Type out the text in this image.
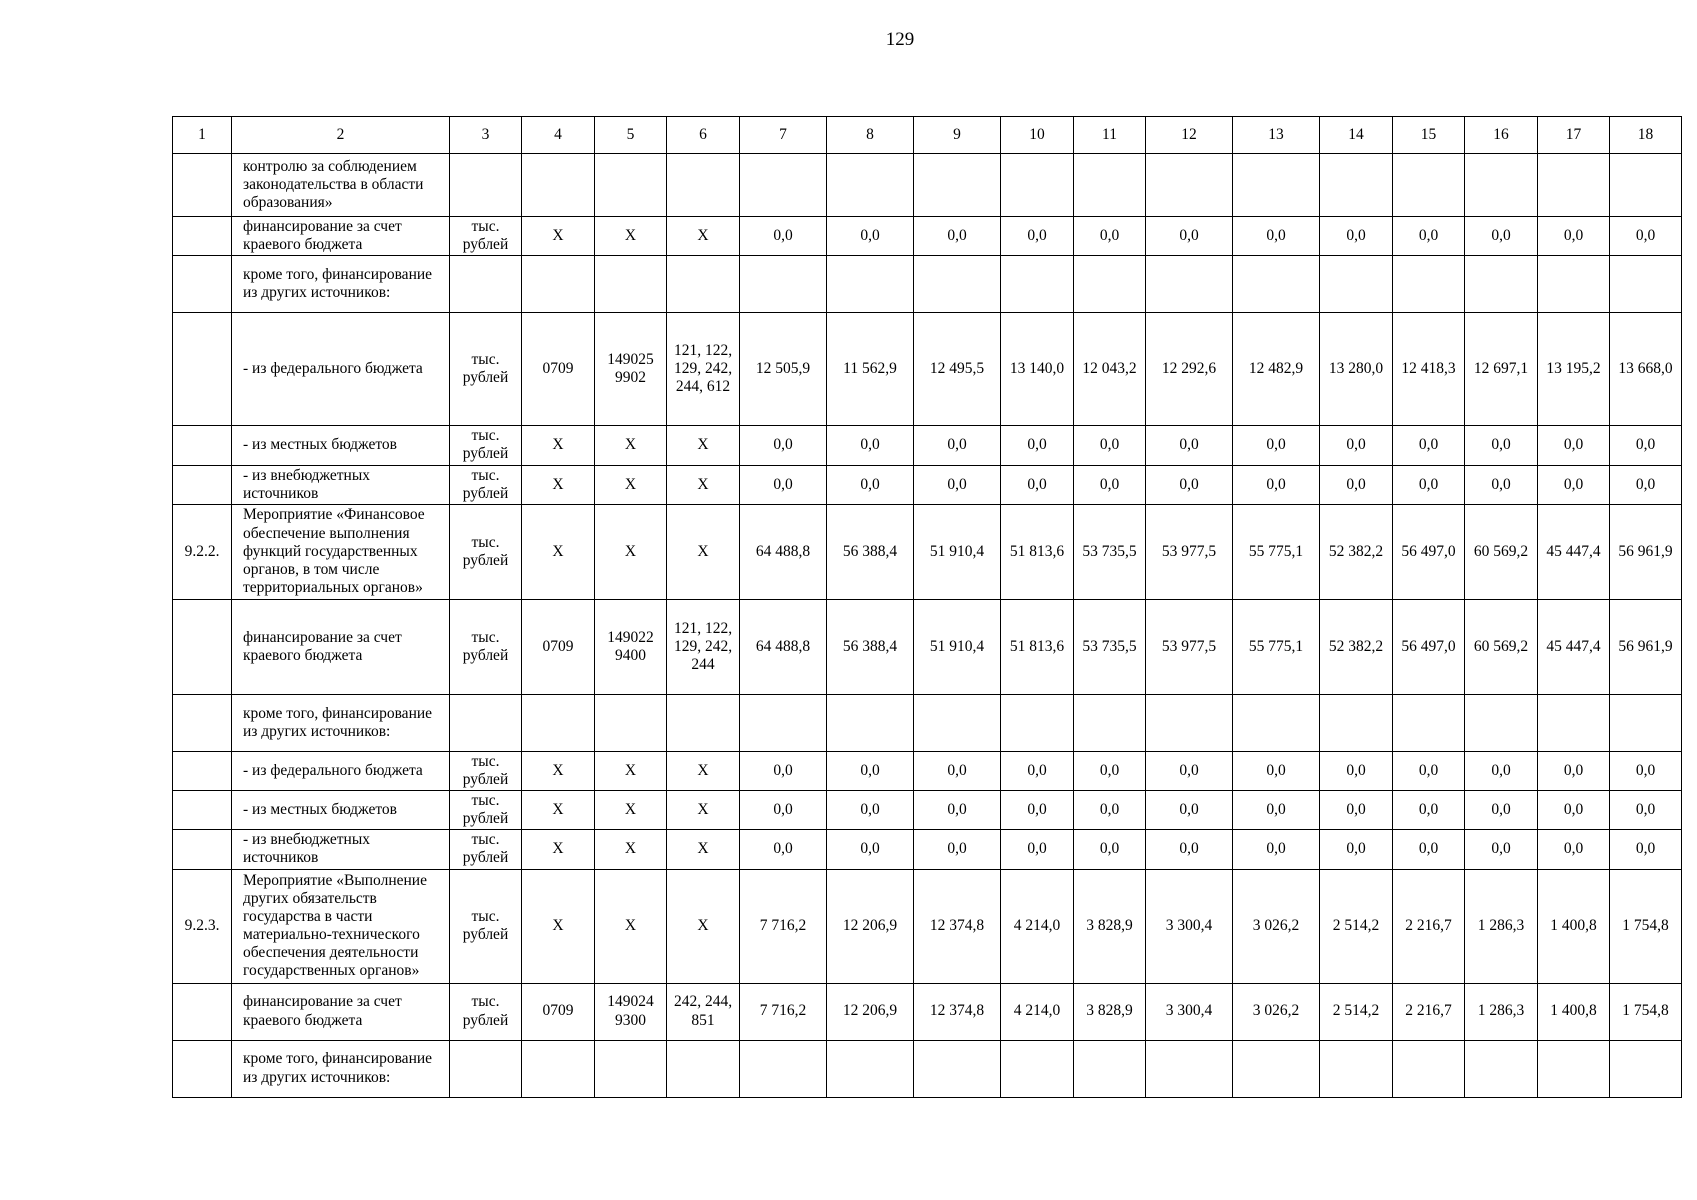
129
1	2	3	4	5	6	7	8	9	10	11	12	13	14	15	16	17	18
	контролю за соблюдением законодательства в области образования»																
	финансирование за счет краевого бюджета	тыс. рублей	Х	Х	Х	0,0	0,0	0,0	0,0	0,0	0,0	0,0	0,0	0,0	0,0	0,0	0,0
	кроме того, финансирование из других источников:																
	- из федерального бюджета	тыс. рублей	0709	149025 9902	121, 122, 129, 242, 244, 612	12 505,9	11 562,9	12 495,5	13 140,0	12 043,2	12 292,6	12 482,9	13 280,0	12 418,3	12 697,1	13 195,2	13 668,0
	- из местных бюджетов	тыс. рублей	Х	Х	Х	0,0	0,0	0,0	0,0	0,0	0,0	0,0	0,0	0,0	0,0	0,0	0,0
	- из внебюджетных источников	тыс. рублей	Х	Х	Х	0,0	0,0	0,0	0,0	0,0	0,0	0,0	0,0	0,0	0,0	0,0	0,0
9.2.2.	Мероприятие «Финансовое обеспечение выполнения функций государственных органов, в том числе территориальных органов»	тыс. рублей	Х	Х	Х	64 488,8	56 388,4	51 910,4	51 813,6	53 735,5	53 977,5	55 775,1	52 382,2	56 497,0	60 569,2	45 447,4	56 961,9
	финансирование за счет краевого бюджета	тыс. рублей	0709	149022 9400	121, 122, 129, 242, 244	64 488,8	56 388,4	51 910,4	51 813,6	53 735,5	53 977,5	55 775,1	52 382,2	56 497,0	60 569,2	45 447,4	56 961,9
	кроме того, финансирование из других источников:																
	- из федерального бюджета	тыс. рублей	Х	Х	Х	0,0	0,0	0,0	0,0	0,0	0,0	0,0	0,0	0,0	0,0	0,0	0,0
	- из местных бюджетов	тыс. рублей	Х	Х	Х	0,0	0,0	0,0	0,0	0,0	0,0	0,0	0,0	0,0	0,0	0,0	0,0
	- из внебюджетных источников	тыс. рублей	Х	Х	Х	0,0	0,0	0,0	0,0	0,0	0,0	0,0	0,0	0,0	0,0	0,0	0,0
9.2.3.	Мероприятие «Выполнение других обязательств государства в части материально-технического обеспечения деятельности государственных органов»	тыс. рублей	Х	Х	Х	7 716,2	12 206,9	12 374,8	4 214,0	3 828,9	3 300,4	3 026,2	2 514,2	2 216,7	1 286,3	1 400,8	1 754,8
	финансирование за счет краевого бюджета	тыс. рублей	0709	149024 9300	242, 244, 851	7 716,2	12 206,9	12 374,8	4 214,0	3 828,9	3 300,4	3 026,2	2 514,2	2 216,7	1 286,3	1 400,8	1 754,8
	кроме того, финансирование из других источников:																
